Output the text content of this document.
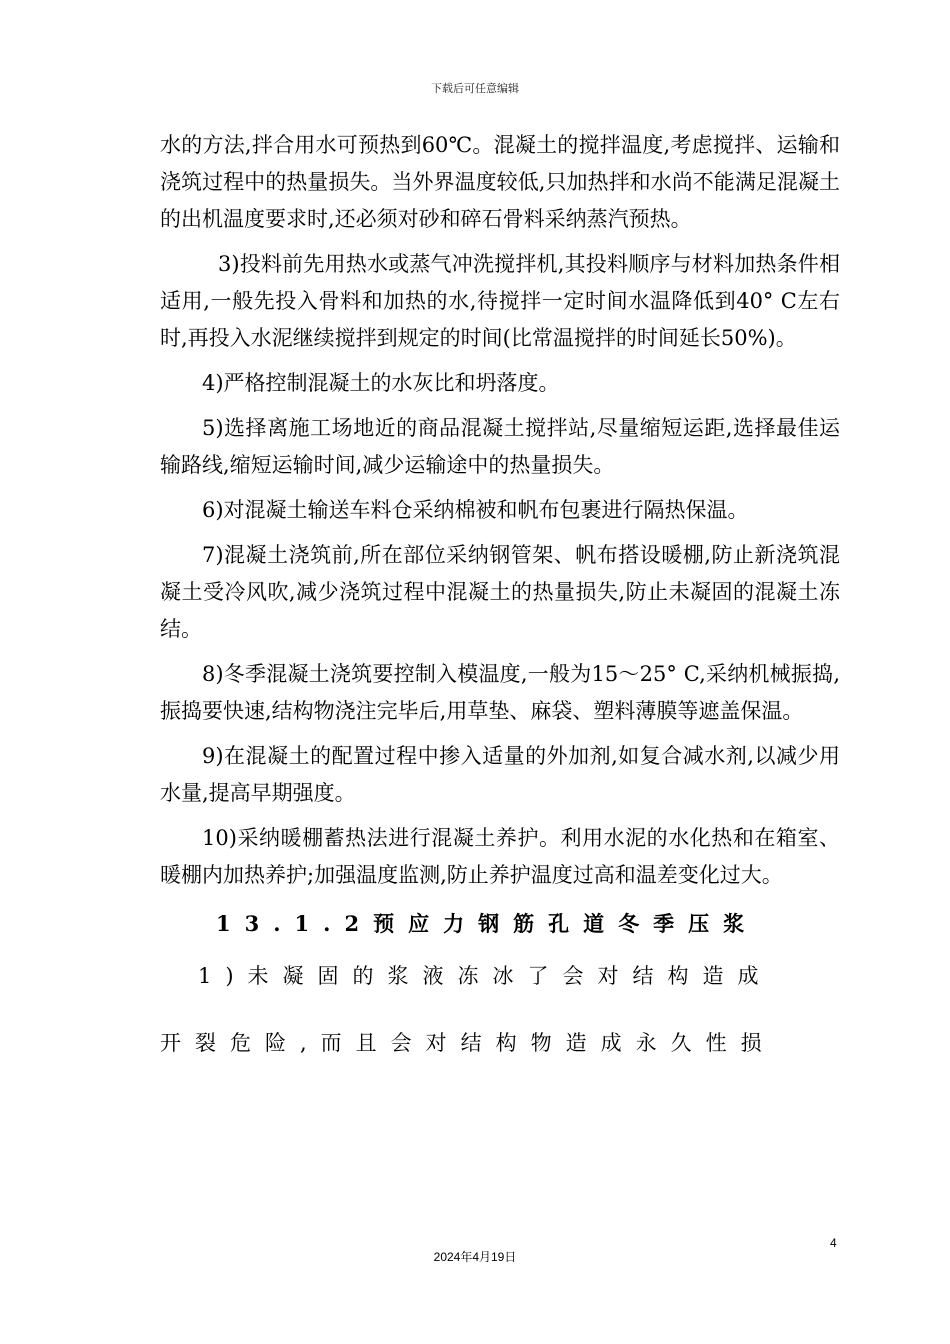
下载后可任意编辑

水的方法,拌合用水可预热到60℃。混凝土的搅拌温度,考虑搅拌、运输和浇筑过程中的热量损失。当外界温度较低,只加热拌和水尚不能满足混凝土的出机温度要求时,还必须对砂和碎石骨料采纳蒸汽预热。

3)投料前先用热水或蒸气冲洗搅拌机,其投料顺序与材料加热条件相适用,一般先投入骨料和加热的水,待搅拌一定时间水温降低到40° C左右时,再投入水泥继续搅拌到规定的时间(比常温搅拌的时间延长50%)。

4)严格控制混凝土的水灰比和坍落度。

5)选择离施工场地近的商品混凝土搅拌站,尽量缩短运距,选择最佳运输路线,缩短运输时间,减少运输途中的热量损失。

6)对混凝土输送车料仓采纳棉被和帆布包裹进行隔热保温。

7)混凝土浇筑前,所在部位采纳钢管架、帆布搭设暖棚,防止新浇筑混凝土受冷风吹,减少浇筑过程中混凝土的热量损失,防止未凝固的混凝土冻结。

8)冬季混凝土浇筑要控制入模温度,一般为15～25° C,采纳机械振捣,振捣要快速,结构物浇注完毕后,用草垫、麻袋、塑料薄膜等遮盖保温。

9)在混凝土的配置过程中掺入适量的外加剂,如复合减水剂,以减少用水量,提高早期强度。

10)采纳暖棚蓄热法进行混凝土养护。利用水泥的水化热和在箱室、暖棚内加热养护;加强温度监测,防止养护温度过高和温差变化过大。

13.1.2预应力钢筋孔道冬季压浆

1)未凝固的浆液冻冰了会对结构造成

开裂危险,而且会对结构物造成永久性损

4
2024年4月19日
